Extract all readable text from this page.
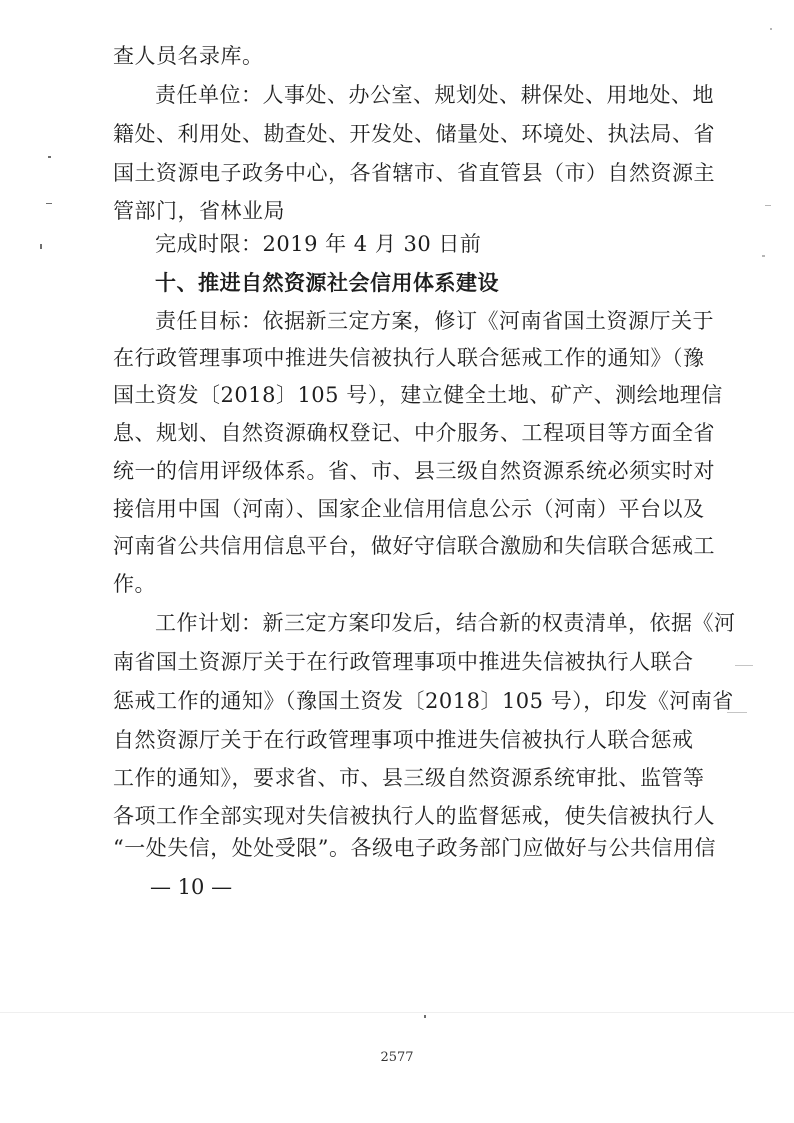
查人员名录库。

责任单位：人事处、办公室、规划处、耕保处、用地处、地

籍处、利用处、勘查处、开发处、储量处、环境处、执法局、省

国土资源电子政务中心，各省辖市、省直管县（市）自然资源主

管部门，省林业局

完成时限：2019 年 4 月 30 日前

十、推进自然资源社会信用体系建设

责任目标：依据新三定方案，修订《河南省国土资源厅关于

在行政管理事项中推进失信被执行人联合惩戒工作的通知》（豫

国土资发〔2018〕105 号），建立健全土地、矿产、测绘地理信

息、规划、自然资源确权登记、中介服务、工程项目等方面全省

统一的信用评级体系。省、市、县三级自然资源系统必须实时对

接信用中国（河南）、国家企业信用信息公示（河南）平台以及

河南省公共信用信息平台，做好守信联合激励和失信联合惩戒工

作。

工作计划：新三定方案印发后，结合新的权责清单，依据《河

南省国土资源厅关于在行政管理事项中推进失信被执行人联合

惩戒工作的通知》（豫国土资发〔2018〕105 号），印发《河南省

自然资源厅关于在行政管理事项中推进失信被执行人联合惩戒

工作的通知》，要求省、市、县三级自然资源系统审批、监管等

各项工作全部实现对失信被执行人的监督惩戒，使失信被执行人

“一处失信，处处受限”。各级电子政务部门应做好与公共信用信

— 10 —
2577
